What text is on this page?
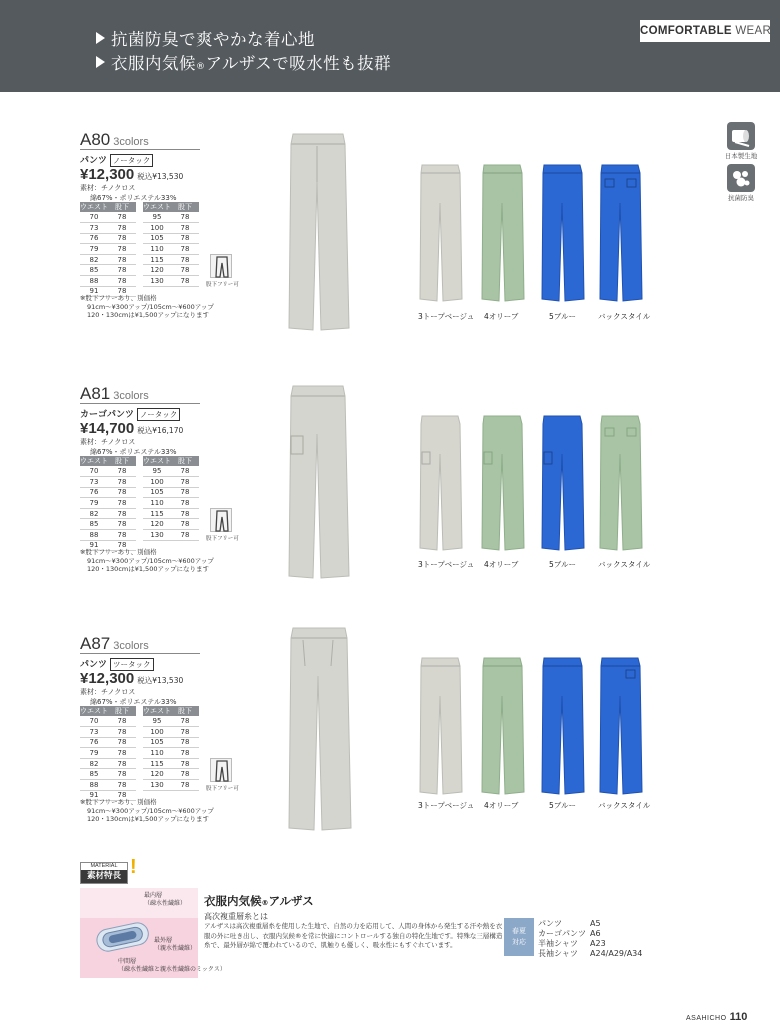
抗菌防臭で爽やかな着心地
衣服内気候®アルザスで吸水性も抜群
COMFORTABLE WEAR
日本製生地
抗菌防臭
A80 3colors
パンツ ノータック
¥12,300 税込¥13,530
素材：チノクロス
綿67%・ポリエステル33%
ウエスト	股下
70	78
73	78
76	78
79	78
82	78
85	78
88	78
91	78
ウエスト	股下
95	78
100	78
105	78
110	78
115	78
120	78
130	78
股下フリー可
※股下フリーあり、別価格
91cm〜¥300アップ/105cm〜¥600アップ
120・130cmは¥1,500アップになります	3トープベージュ 4オリーブ	5ブルー	バックスタイル
A81 3colors
カーゴパンツ ノータック
¥14,700 税込¥16,170
素材：チノクロス
綿67%・ポリエステル33%
ウエスト	股下
70	78
73	78
76	78
79	78
82	78
85	78
88	78
91	78
ウエスト	股下
95	78
100	78
105	78
110	78
115	78
120	78
130	78
股下フリー可
※股下フリーあり、別価格
91cm〜¥300アップ/105cm〜¥600アップ
120・130cmは¥1,500アップになります
3トープベージュ 4オリーブ	5ブルー	バックスタイル
A87 3colors
パンツ ツータック
¥12,300 税込¥13,530
素材：チノクロス
綿67%・ポリエステル33%
ウエスト	股下
70	78
73	78
76	78
79	78
82	78
85	78
88	78
91	78
ウエスト	股下
95	78
100	78
105	78
110	78
115	78
120	78
130	78
股下フリー可
※股下フリーあり、別価格
91cm〜¥300アップ/105cm〜¥600アップ
120・130cmは¥1,500アップになります
3トープベージュ 4オリーブ	5ブルー	バックスタイル
MATERIAL
素材特長 !
最内層
（疎水性繊維）
最外層
（親水性繊維）
中間層
（疎水性繊維と親水性繊維のミックス）
衣服内気候®アルザス
高次複重層糸とは
アルザスは高次複重層糸を使用した生地で、自然の力を応用して、人間の身体から発生する汗や熱を衣服の外に吐き出し、衣服内気候®を常に快適にコントロールする独自の特化生地です。特殊な三層構造糸で、最外層が綿で覆われているので、肌触りも優しく、吸水性にもすぐれています。
春夏
対応
パンツ	A5
カーゴパンツ A6
半袖シャツ A23
長袖シャツ A24/A29/A34
ASAHICHO 110
